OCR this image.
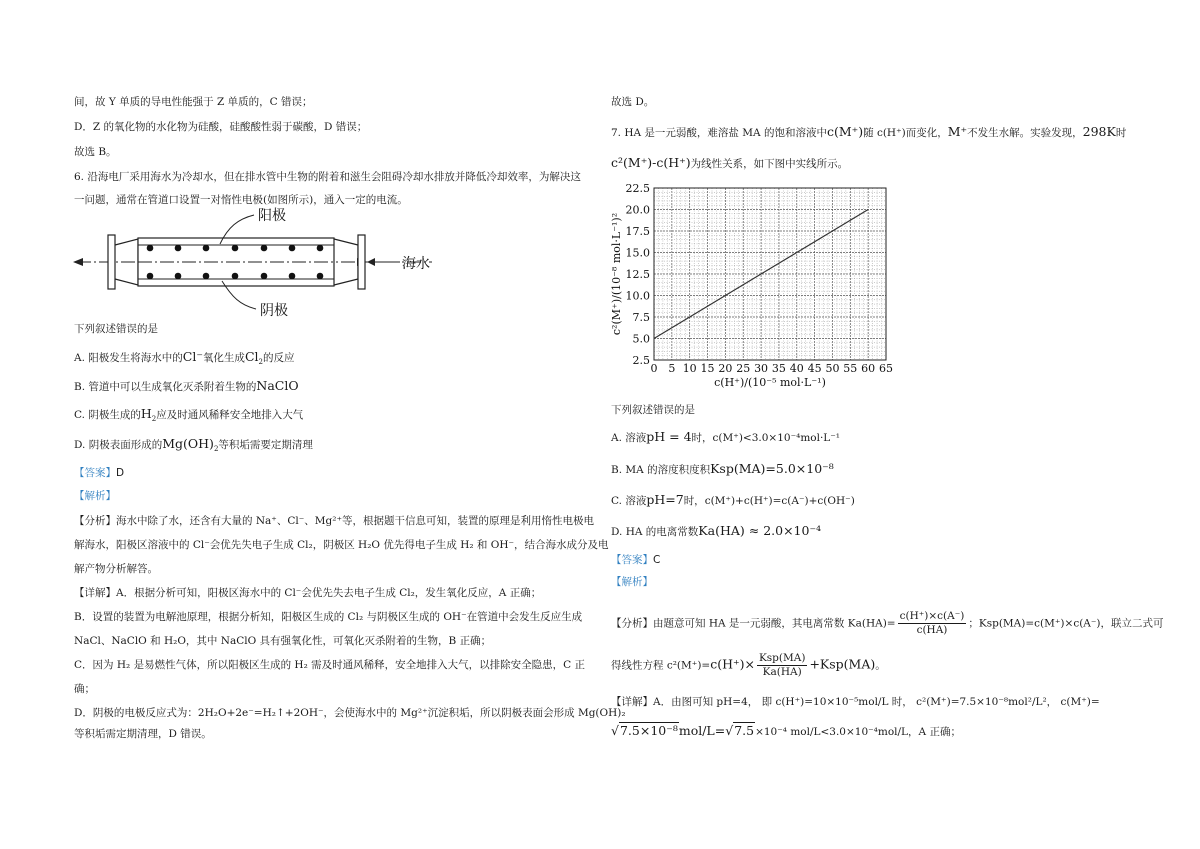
间，故 Y 单质的导电性能强于 Z 单质的，C 错误；
D．Z 的氧化物的水化物为硅酸，硅酸酸性弱于碳酸，D 错误；
故选 B。
6. 沿海电厂采用海水为冷却水，但在排水管中生物的附着和滋生会阻碍冷却水排放并降低冷却效率，为解决这
一问题，通常在管道口设置一对惰性电极(如图所示)，通入一定的电流。
阳极
阴极
海水
下列叙述错误的是
A. 阳极发生将海水中的Cl⁻氧化生成$Cl_2$的反应
B. 管道中可以生成氧化灭杀附着生物的NaClO
C. 阴极生成的$H_2$应及时通风稀释安全地排入大气
D. 阴极表面形成的$Mg(OH)_2$等积垢需要定期清理
【答案】D
【解析】
【分析】海水中除了水，还含有大量的 Na⁺、Cl⁻、Mg²⁺等，根据题干信息可知，装置的原理是利用惰性电极电
解海水，阳极区溶液中的 Cl⁻会优先失电子生成 Cl₂，阴极区 H₂O 优先得电子生成 H₂ 和 OH⁻，结合海水成分及电
解产物分析解答。
【详解】A．根据分析可知，阳极区海水中的 Cl⁻会优先失去电子生成 Cl₂，发生氧化反应，A 正确；
B．设置的装置为电解池原理，根据分析知，阳极区生成的 Cl₂ 与阴极区生成的 OH⁻在管道中会发生反应生成
NaCl、NaClO 和 H₂O，其中 NaClO 具有强氧化性，可氧化灭杀附着的生物，B 正确；
C．因为 H₂ 是易燃性气体，所以阳极区生成的 H₂ 需及时通风稀释，安全地排入大气，以排除安全隐患，C 正
确；
D．阴极的电极反应式为：2H₂O+2e⁻=H₂↑+2OH⁻，会使海水中的 Mg²⁺沉淀积垢，所以阴极表面会形成 Mg(OH)₂
等积垢需定期清理，D 错误。
故选 D。
7. HA 是一元弱酸，难溶盐 MA 的饱和溶液中c(M⁺)随 c(H⁺)而变化，M⁺不发生水解。实验发现，298K时
c²(M⁺)-c(H⁺)为线性关系，如下图中实线所示。
0 5 10 15 20 25 30 35 40 45 50 55 60 65
2.5
5.0
7.5
10.0
12.5
15.0
17.5
20.0
22.5
c(H⁺)/(10⁻⁵ mol·L⁻¹)
c²(M⁺)/(10⁻⁸ mol·L⁻¹)²
下列叙述错误的是
A. 溶液pH = 4时，c(M⁺)<3.0×10⁻⁴mol·L⁻¹
B. MA 的溶度积度积Ksp(MA)=5.0×10⁻⁸
C. 溶液pH=7时，c(M⁺)+c(H⁺)=c(A⁻)+c(OH⁻)
D. HA 的电离常数Ka(HA) ≈ 2.0×10⁻⁴
【答案】C
【解析】
【分析】由题意可知 HA 是一元弱酸，其电离常数 $Ka(HA)= \frac{c(H^+)\times c(A^-)}{c(HA)}$ ；Ksp(MA)=c(M⁺)×c(A⁻)，联立二式可
得线性方程 $c^2(M^+)=c(H^+)\times \frac{\text{Ksp(MA)}}{Ka(HA)} +Ksp(MA)$。
【详解】A．由图可知 pH=4， 即 c(H⁺)=10×10⁻⁵mol/L 时， c²(M⁺)=7.5×10⁻⁸mol²/L²， c(M⁺)=
√7.5×10⁻⁸mol/L=√7.5×10⁻⁴ mol/L<3.0×10⁻⁴mol/L，A 正确；
